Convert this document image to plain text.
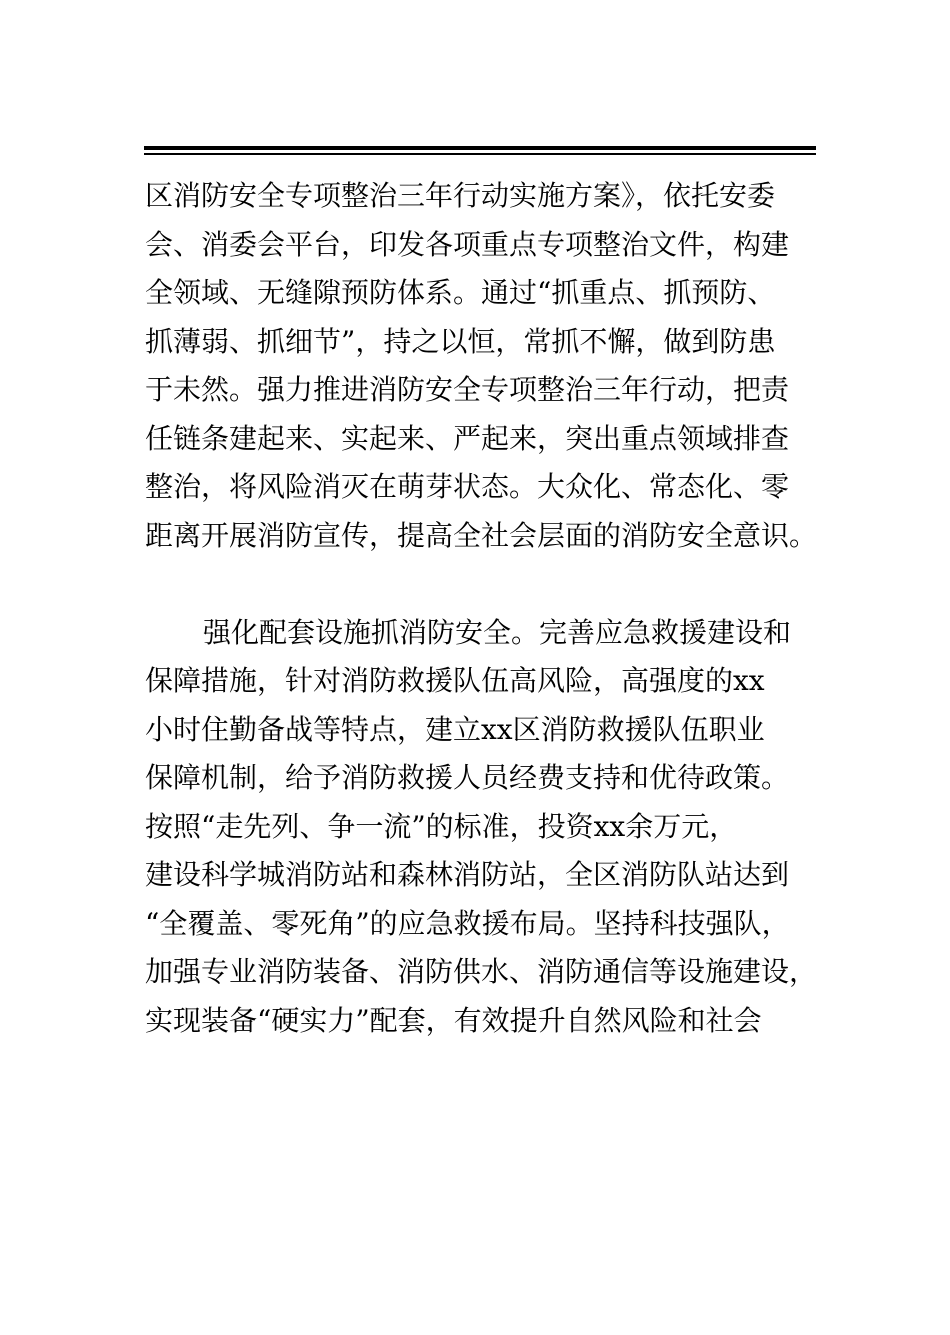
区消防安全专项整治三年行动实施方案》，依托安委
会、消委会平台，印发各项重点专项整治文件，构建
全领域、无缝隙预防体系。通过“抓重点、抓预防、
抓薄弱、抓细节”，持之以恒，常抓不懈，做到防患
于未然。强力推进消防安全专项整治三年行动，把责
任链条建起来、实起来、严起来，突出重点领域排查
整治，将风险消灭在萌芽状态。大众化、常态化、零
距离开展消防宣传，提高全社会层面的消防安全意识。
强化配套设施抓消防安全。完善应急救援建设和
保障措施，针对消防救援队伍高风险，高强度的xx
小时住勤备战等特点，建立xx区消防救援队伍职业
保障机制，给予消防救援人员经费支持和优待政策。
按照“走先列、争一流”的标准，投资xx余万元，
建设科学城消防站和森林消防站，全区消防队站达到
“全覆盖、零死角”的应急救援布局。坚持科技强队，
加强专业消防装备、消防供水、消防通信等设施建设，
实现装备“硬实力”配套，有效提升自然风险和社会
